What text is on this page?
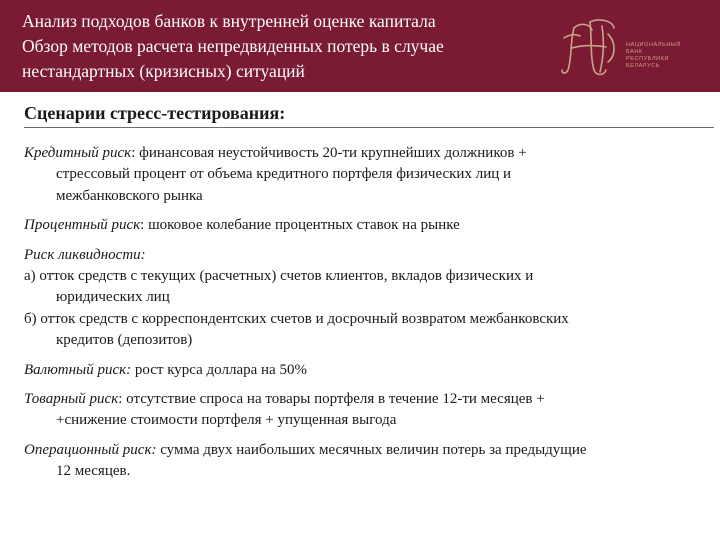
Анализ подходов банков к внутренней оценке капитала
Обзор методов расчета непредвиденных потерь в случае
нестандартных (кризисных) ситуаций
НАЦИОНАЛЬНЫЙ
БАНК
РЕСПУБЛИКИ
БЕЛАРУСЬ
Сценарии стресс-тестирования:
Кредитный риск: финансовая неустойчивость 20-ти крупнейших должников +
стрессовый процент от объема кредитного портфеля физических лиц и
межбанковского рынка
Процентный риск: шоковое колебание процентных ставок на рынке
Риск ликвидности:
а) отток средств с текущих (расчетных) счетов клиентов, вкладов физических и
юридических лиц
б) отток средств с корреспондентских счетов и досрочный возвратом межбанковских
кредитов (депозитов)
Валютный риск: рост курса доллара на 50%
Товарный риск: отсутствие спроса на товары портфеля в течение 12-ти месяцев +
+снижение стоимости портфеля + упущенная выгода
Операционный риск: сумма двух наибольших месячных величин потерь за предыдущие
12 месяцев.
